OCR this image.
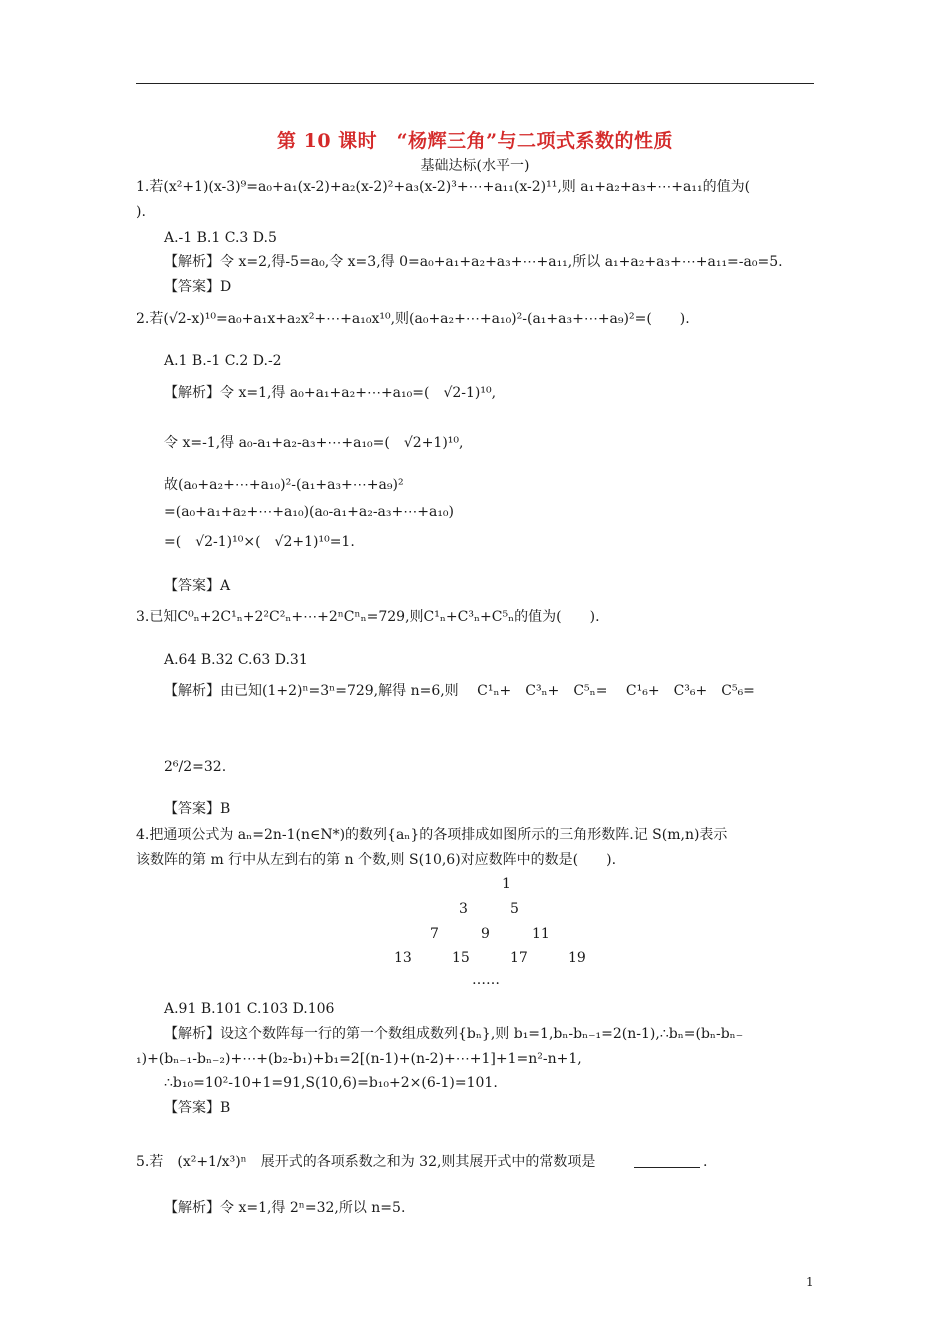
第 10 课时　“杨辉三角”与二项式系数的性质
基础达标(水平一)
1.若(x²+1)(x-3)⁹=a₀+a₁(x-2)+a₂(x-2)²+a₃(x-2)³+⋯+a₁₁(x-2)¹¹,则 a₁+a₂+a₃+⋯+a₁₁的值为(
).
A.-1 B.1 C.3 D.5
【解析】令 x=2,得-5=a₀,令 x=3,得 0=a₀+a₁+a₂+a₃+⋯+a₁₁,所以 a₁+a₂+a₃+⋯+a₁₁=-a₀=5.
【答案】D
2.若(√2-x)¹⁰=a₀+a₁x+a₂x²+⋯+a₁₀x¹⁰,则(a₀+a₂+⋯+a₁₀)²-(a₁+a₃+⋯+a₉)²=(　　).
A.1 B.-1 C.2 D.-2
【解析】令 x=1,得 a₀+a₁+a₂+⋯+a₁₀=(　√2-1)¹⁰,
令 x=-1,得 a₀-a₁+a₂-a₃+⋯+a₁₀=(　√2+1)¹⁰,
故(a₀+a₂+⋯+a₁₀)²-(a₁+a₃+⋯+a₉)²
=(a₀+a₁+a₂+⋯+a₁₀)(a₀-a₁+a₂-a₃+⋯+a₁₀)
=(　√2-1)¹⁰×(　√2+1)¹⁰=1.
【答案】A
3.已知C⁰ₙ+2C¹ₙ+2²C²ₙ+⋯+2ⁿCⁿₙ=729,则C¹ₙ+C³ₙ+C⁵ₙ的值为(　　).
A.64 B.32 C.63 D.31
【解析】由已知(1+2)ⁿ=3ⁿ=729,解得 n=6,则　 C¹ₙ+　C³ₙ+　C⁵ₙ=　 C¹₆+　C³₆+　C⁵₆=
2⁶/2=32.
【答案】B
4.把通项公式为 aₙ=2n-1(n∈N*)的数列{aₙ}的各项排成如图所示的三角形数阵.记 S(m,n)表示
该数阵的第 m 行中从左到右的第 n 个数,则 S(10,6)对应数阵中的数是(　　).
A.91 B.101 C.103 D.106
【解析】设这个数阵每一行的第一个数组成数列{bₙ},则 b₁=1,bₙ-bₙ₋₁=2(n-1),∴bₙ=(bₙ-bₙ₋
₁)+(bₙ₋₁-bₙ₋₂)+⋯+(b₂-b₁)+b₁=2[(n-1)+(n-2)+⋯+1]+1=n²-n+1,
∴b₁₀=10²-10+1=91,S(10,6)=b₁₀+2×(6-1)=101.
【答案】B
5.若　(x²+1/x³)ⁿ　展开式的各项系数之和为 32,则其展开式中的常数项是	.
【解析】令 x=1,得 2ⁿ=32,所以 n=5.
1
3	5
7	9	11
13	15	17	19
……
1
